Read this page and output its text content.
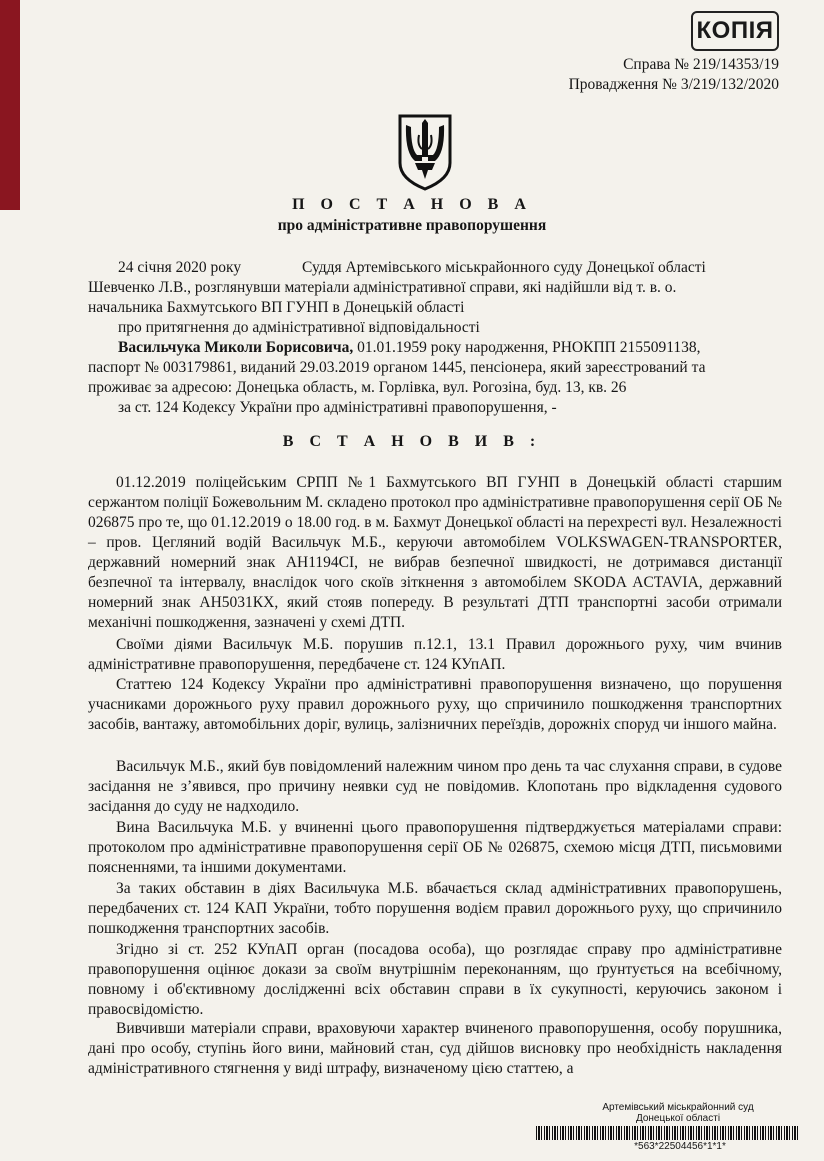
КОПІЯ
Справа № 219/14353/19
Провадження № 3/219/132/2020
П О С Т А Н О В А
про адміністративне правопорушення
24 січня 2020 року	Суддя Артемівського міськрайонного суду Донецької області
Шевченко Л.В., розглянувши матеріали адміністративної справи, які надійшли від т. в. о.
начальника Бахмутського ВП ГУНП в Донецькій області
про притягнення до адміністративної відповідальності
Васильчука Миколи Борисовича, 01.01.1959 року народження, РНОКПП 2155091138,
паспорт № 003179861, виданий 29.03.2019 органом 1445, пенсіонера, який зареєстрований та
проживає за адресою: Донецька область, м. Горлівка, вул. Рогозіна, буд. 13, кв. 26
за ст. 124 Кодексу України про адміністративні правопорушення, -
В С Т А Н О В И В :
01.12.2019 поліцейським СРПП №1 Бахмутського ВП ГУНП в Донецькій області старшим сержантом поліції Божевольним М. складено протокол про адміністративне правопорушення серії ОБ № 026875 про те, що 01.12.2019 о 18.00 год. в м. Бахмут Донецької області на перехресті вул. Незалежності – пров. Цегляний водій Васильчук М.Б., керуючи автомобілем VOLKSWAGEN-TRANSPORTER, державний номерний знак АН1194СІ, не вибрав безпечної швидкості, не дотримався дистанції безпечної та інтервалу, внаслідок чого скоїв зіткнення з автомобілем SKODA ACTAVIA, державний номерний знак АН5031КХ, який стояв попереду. В результаті ДТП транспортні засоби отримали механічні пошкодження, зазначені у схемі ДТП.
Своїми діями Васильчук М.Б. порушив п.12.1, 13.1 Правил дорожнього руху, чим вчинив адміністративне правопорушення, передбачене ст. 124 КУпАП.
Статтею 124 Кодексу України про адміністративні правопорушення визначено, що порушення учасниками дорожнього руху правил дорожнього руху, що спричинило пошкодження транспортних засобів, вантажу, автомобільних доріг, вулиць, залізничних переїздів, дорожніх споруд чи іншого майна.
Васильчук М.Б., який був повідомлений належним чином про день та час слухання справи, в судове засідання не з’явився, про причину неявки суд не повідомив. Клопотань про відкладення судового засідання до суду не надходило.
Вина Васильчука М.Б. у вчиненні цього правопорушення підтверджується матеріалами справи: протоколом про адміністративне правопорушення серії ОБ № 026875, схемою місця ДТП, письмовими поясненнями, та іншими документами.
За таких обставин в діях Васильчука М.Б. вбачається склад адміністративних правопорушень, передбачених ст. 124 КАП України, тобто порушення водієм правил дорожнього руху, що спричинило пошкодження транспортних засобів.
Згідно зі ст. 252 КУпАП орган (посадова особа), що розглядає справу про адміністративне правопорушення оцінює докази за своїм внутрішнім переконанням, що ґрунтується на всебічному, повному і об'єктивному дослідженні всіх обставин справи в їх сукупності, керуючись законом і правосвідомістю.
Вивчивши матеріали справи, враховуючи характер вчиненого правопорушення, особу порушника, дані про особу, ступінь його вини, майновий стан, суд дійшов висновку про необхідність накладення адміністративного стягнення у виді штрафу, визначеному цією статтею, а
Артемівський міськрайонний суд
Донецької області
*563*22504456*1*1*
